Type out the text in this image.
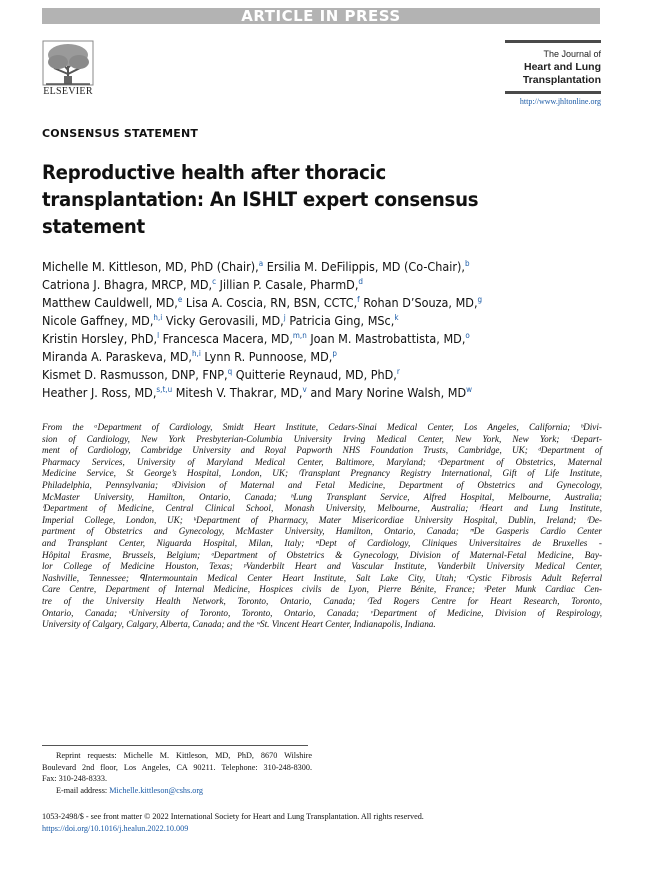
ARTICLE IN PRESS
ELSEVIER
The Journal of
Heart and Lung
Transplantation
http://www.jhltonline.org
CONSENSUS STATEMENT
Reproductive health after thoracic transplantation: An ISHLT expert consensus statement
Michelle M. Kittleson, MD, PhD (Chair),$^a$ Ersilia M. DeFilippis, MD (Co-Chair),$^b$
Catriona J. Bhagra, MRCP, MD,$^c$ Jillian P. Casale, PharmD,$^d$
Matthew Cauldwell, MD,$^e$ Lisa A. Coscia, RN, BSN, CCTC,$^f$ Rohan D’Souza, MD,$^g$
Nicole Gaffney, MD,$^{h,i}$ Vicky Gerovasili, MD,$^j$ Patricia Ging, MSc,$^k$
Kristin Horsley, PhD,$^l$ Francesca Macera, MD,$^{m,n}$ Joan M. Mastrobattista, MD,$^o$
Miranda A. Paraskeva, MD,$^{h,i}$ Lynn R. Punnoose, MD,$^p$
Kismet D. Rasmusson, DNP, FNP,$^q$ Quitterie Reynaud, MD, PhD,$^r$
Heather J. Ross, MD,$^{s,t,u}$ Mitesh V. Thakrar, MD,$^v$ and Mary Norine Walsh, $MD^w$
From the ᵃDepartment of Cardiology, Smidt Heart Institute, Cedars-Sinai Medical Center, Los Angeles, California; ᵇDivi-
sion of Cardiology, New York Presbyterian-Columbia University Irving Medical Center, New York, New York; ᶜDepart-
ment of Cardiology, Cambridge University and Royal Papworth NHS Foundation Trusts, Cambridge, UK; ᵈDepartment of
Pharmacy Services, University of Maryland Medical Center, Baltimore, Maryland; ᵉDepartment of Obstetrics, Maternal
Medicine Service, St George’s Hospital, London, UK; ᶠTransplant Pregnancy Registry International, Gift of Life Institute,
Philadelphia, Pennsylvania; ᵍDivision of Maternal and Fetal Medicine, Department of Obstetrics and Gynecology,
McMaster University, Hamilton, Ontario, Canada; ʰLung Transplant Service, Alfred Hospital, Melbourne, Australia;
ⁱDepartment of Medicine, Central Clinical School, Monash University, Melbourne, Australia; ʲHeart and Lung Institute,
Imperial College, London, UK; ᵏDepartment of Pharmacy, Mater Misericordiae University Hospital, Dublin, Ireland; ˡDe-
partment of Obstetrics and Gynecology, McMaster University, Hamilton, Ontario, Canada; ᵐDe Gasperis Cardio Center
and Transplant Center, Niguarda Hospital, Milan, Italy; ⁿDept of Cardiology, Cliniques Universitaires de Bruxelles -
Hôpital Erasme, Brussels, Belgium; ᵒDepartment of Obstetrics & Gynecology, Division of Maternal-Fetal Medicine, Bay-
lor College of Medicine Houston, Texas; ᵖVanderbilt Heart and Vascular Institute, Vanderbilt University Medical Center,
Nashville, Tennessee; ᑫIntermountain Medical Center Heart Institute, Salt Lake City, Utah; ʳCystic Fibrosis Adult Referral
Care Centre, Department of Internal Medicine, Hospices civils de Lyon, Pierre Bénite, France; ˢPeter Munk Cardiac Cen-
tre of the University Health Network, Toronto, Ontario, Canada; ᵗTed Rogers Centre for Heart Research, Toronto,
Ontario, Canada; ᵘUniversity of Toronto, Toronto, Ontario, Canada; ᵛDepartment of Medicine, Division of Respirology,
University of Calgary, Calgary, Alberta, Canada; and the ʷSt. Vincent Heart Center, Indianapolis, Indiana.
Reprint requests: Michelle M. Kittleson, MD, PhD, 8670 Wilshire
Boulevard 2nd floor, Los Angeles, CA 90211. Telephone: 310-248-8300.
Fax: 310-248-8333.
E-mail address: Michelle.kittleson@cshs.org
1053-2498/$ - see front matter © 2022 International Society for Heart and Lung Transplantation. All rights reserved.
https://doi.org/10.1016/j.healun.2022.10.009
